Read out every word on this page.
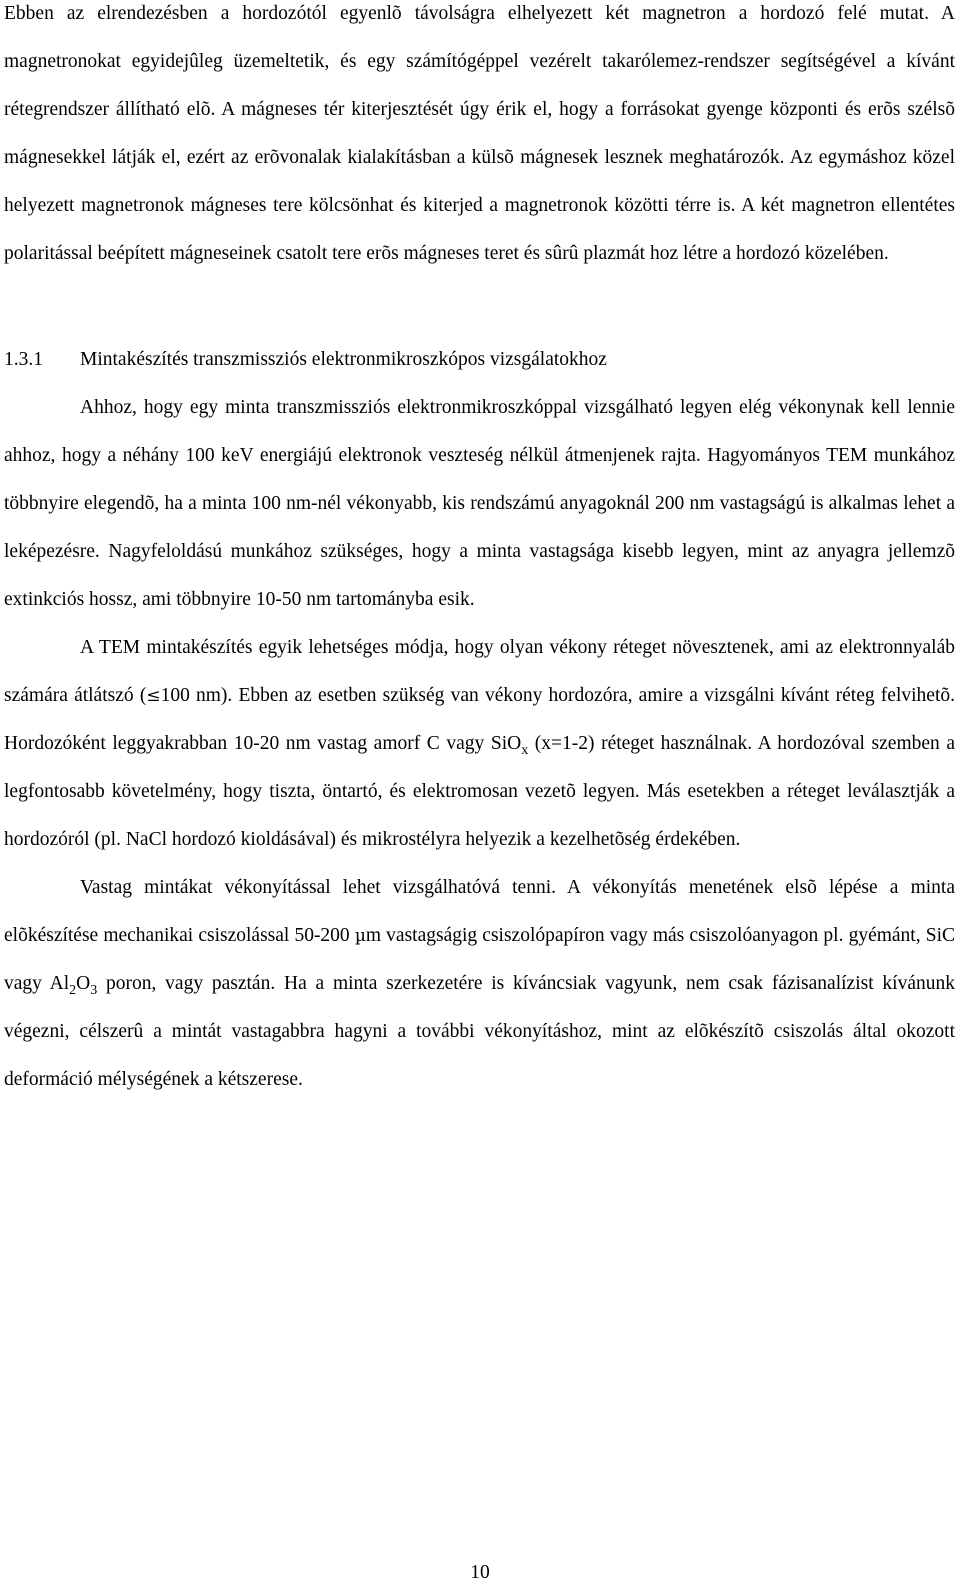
Ebben az elrendezésben a hordozótól egyenlõ távolságra elhelyezett két magnetron a hordozó felé mutat. A magnetronokat egyidejûleg üzemeltetik, és egy számítógéppel vezérelt takarólemez-rendszer segítségével a kívánt rétegrendszer állítható elõ. A mágneses tér kiterjesztését úgy érik el, hogy a forrásokat gyenge központi és erõs szélsõ mágnesekkel látják el, ezért az erõvonalak kialakításban a külsõ mágnesek lesznek meghatározók. Az egymáshoz közel helyezett magnetronok mágneses tere kölcsönhat és kiterjed a magnetronok közötti térre is. A két magnetron ellentétes polaritással beépített mágneseinek csatolt tere erõs mágneses teret és sûrû plazmát hoz létre a hordozó közelében.

1.3.1 Mintakészítés transzmissziós elektronmikroszkópos vizsgálatokhoz

Ahhoz, hogy egy minta transzmissziós elektronmikroszkóppal vizsgálható legyen elég vékonynak kell lennie ahhoz, hogy a néhány 100 keV energiájú elektronok veszteség nélkül átmenjenek rajta. Hagyományos TEM munkához többnyire elegendõ, ha a minta 100 nm-nél vékonyabb, kis rendszámú anyagoknál 200 nm vastagságú is alkalmas lehet a leképezésre. Nagyfeloldású munkához szükséges, hogy a minta vastagsága kisebb legyen, mint az anyagra jellemzõ extinkciós hossz, ami többnyire 10-50 nm tartományba esik.

A TEM mintakészítés egyik lehetséges módja, hogy olyan vékony réteget növesztenek, ami az elektronnyaláb számára átlátszó (≤100 nm). Ebben az esetben szükség van vékony hordozóra, amire a vizsgálni kívánt réteg felvihetõ. Hordozóként leggyakrabban 10-20 nm vastag amorf C vagy SiO$_x$ (x=1-2) réteget használnak. A hordozóval szemben a legfontosabb követelmény, hogy tiszta, öntartó, és elektromosan vezetõ legyen. Más esetekben a réteget leválasztják a hordozóról (pl. NaCl hordozó kioldásával) és mikrostélyra helyezik a kezelhetõség érdekében.

Vastag mintákat vékonyítással lehet vizsgálhatóvá tenni. A vékonyítás menetének elsõ lépése a minta elõkészítése mechanikai csiszolással 50-200 µm vastagságig csiszolópapíron vagy más csiszolóanyagon pl. gyémánt, SiC vagy $Al_2O_3$ poron, vagy pasztán. Ha a minta szerkezetére is kíváncsiak vagyunk, nem csak fázisanalízist kívánunk végezni, célszerû a mintát vastagabbra hagyni a további vékonyításhoz, mint az elõkészítõ csiszolás által okozott deformáció mélységének a kétszerese.

10
